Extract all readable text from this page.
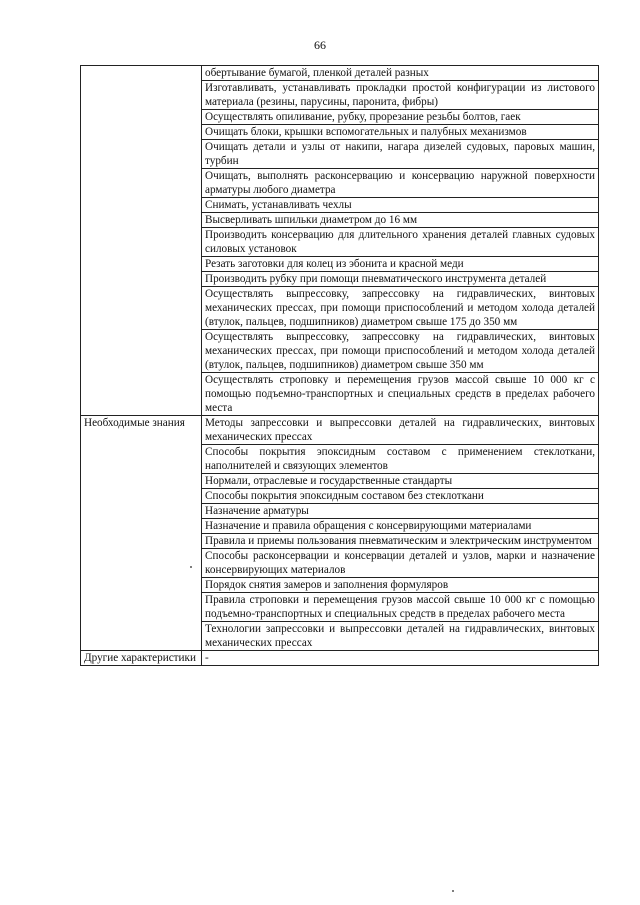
66
	обертывание бумагой, пленкой деталей разных
	Изготавливать, устанавливать прокладки простой конфигурации из листового материала (резины, парусины, паронита, фибры)
	Осуществлять опиливание, рубку, прорезание резьбы болтов, гаек
	Очищать блоки, крышки вспомогательных и палубных механизмов
	Очищать детали и узлы от накипи, нагара дизелей судовых, паровых машин, турбин
	Очищать, выполнять расконсервацию и консервацию наружной поверхности арматуры любого диаметра
	Снимать, устанавливать чехлы
	Высверливать шпильки диаметром до 16 мм
	Производить консервацию для длительного хранения деталей главных судовых силовых установок
	Резать заготовки для колец из эбонита и красной меди
	Производить рубку при помощи пневматического инструмента деталей
	Осуществлять выпрессовку, запрессовку на гидравлических, винтовых механических прессах, при помощи приспособлений и методом холода деталей (втулок, пальцев, подшипников) диаметром свыше 175 до 350 мм
	Осуществлять выпрессовку, запрессовку на гидравлических, винтовых механических прессах, при помощи приспособлений и методом холода деталей (втулок, пальцев, подшипников) диаметром свыше 350 мм
	Осуществлять строповку и перемещения грузов массой свыше 10 000 кг с помощью подъемно-транспортных и специальных средств в пределах рабочего места
Необходимые знания	Методы запрессовки и выпрессовки деталей на гидравлических, винтовых механических прессах
	Способы покрытия эпоксидным составом с применением стеклоткани, наполнителей и связующих элементов
	Нормали, отраслевые и государственные стандарты
	Способы покрытия эпоксидным составом без стеклоткани
	Назначение арматуры
	Назначение и правила обращения с консервирующими материалами
	Правила и приемы пользования пневматическим и электрическим инструментом
	Способы расконсервации и консервации деталей и узлов, марки и назначение консервирующих материалов
	Порядок снятия замеров и заполнения формуляров
	Правила строповки и перемещения грузов массой свыше 10 000 кг с помощью подъемно-транспортных и специальных средств в пределах рабочего места
	Технологии запрессовки и выпрессовки деталей на гидравлических, винтовых механических прессах
Другие характеристики	-
